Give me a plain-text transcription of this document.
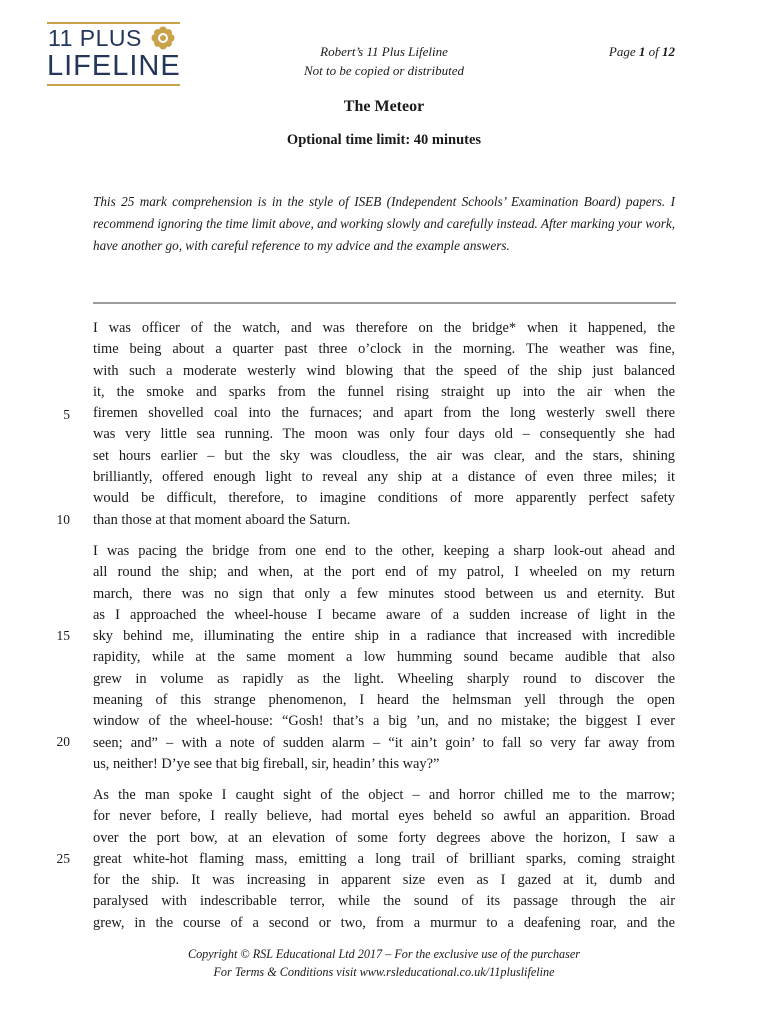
11 PLUS
LIFELINE	Robert’s 11 Plus Lifeline
Not to be copied or distributed
Page 1 of 12
The Meteor
Optional time limit: 40 minutes
This 25 mark comprehension is in the style of ISEB (Independent Schools’ Examination Board) papers. I recommend ignoring the time limit above, and working slowly and carefully instead. After marking your work, have another go, with careful reference to my advice and the example answers.
I was officer of the watch, and was therefore on the bridge* when it happened, the
time being about a quarter past three o’clock in the morning. The weather was fine,
with such a moderate westerly wind blowing that the speed of the ship just balanced
it, the smoke and sparks from the funnel rising straight up into the air when the
firemen shovelled coal into the furnaces; and apart from the long westerly swell there
was very little sea running. The moon was only four days old – consequently she had
set hours earlier – but the sky was cloudless, the air was clear, and the stars, shining
brilliantly, offered enough light to reveal any ship at a distance of even three miles; it
would be difficult, therefore, to imagine conditions of more apparently perfect safety
than those at that moment aboard the Saturn.
I was pacing the bridge from one end to the other, keeping a sharp look-out ahead and
all round the ship; and when, at the port end of my patrol, I wheeled on my return
march, there was no sign that only a few minutes stood between us and eternity. But
as I approached the wheel-house I became aware of a sudden increase of light in the
sky behind me, illuminating the entire ship in a radiance that increased with incredible
rapidity, while at the same moment a low humming sound became audible that also
grew in volume as rapidly as the light. Wheeling sharply round to discover the
meaning of this strange phenomenon, I heard the helmsman yell through the open
window of the wheel-house: “Gosh! that’s a big ’un, and no mistake; the biggest I ever
seen; and” – with a note of sudden alarm – “it ain’t goin’ to fall so very far away from
us, neither! D’ye see that big fireball, sir, headin’ this way?”
As the man spoke I caught sight of the object – and horror chilled me to the marrow;
for never before, I really believe, had mortal eyes beheld so awful an apparition. Broad
over the port bow, at an elevation of some forty degrees above the horizon, I saw a
great white-hot flaming mass, emitting a long trail of brilliant sparks, coming straight
for the ship. It was increasing in apparent size even as I gazed at it, dumb and
paralysed with indescribable terror, while the sound of its passage through the air
grew, in the course of a second or two, from a murmur to a deafening roar, and the
5
10
15
20
25
Copyright © RSL Educational Ltd 2017 – For the exclusive use of the purchaser
For Terms & Conditions visit www.rsleducational.co.uk/11pluslifeline
